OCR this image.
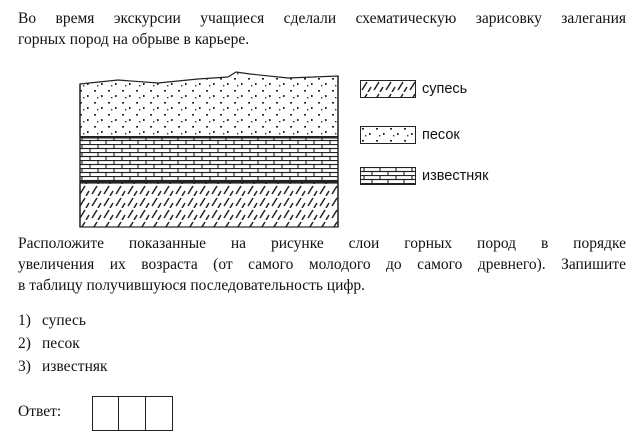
Во время экскурсии учащиеся сделали схематическую зарисовку залегания

горных пород на обрыве в карьере.

супесь
песок
известняк

Расположите показанные на рисунке слои горных пород в порядке

увеличения их возраста (от самого молодого до самого древнего). Запишите

в таблицу получившуюся последовательность цифр.

1) супесь
2) песок
3) известняк
Ответ:
